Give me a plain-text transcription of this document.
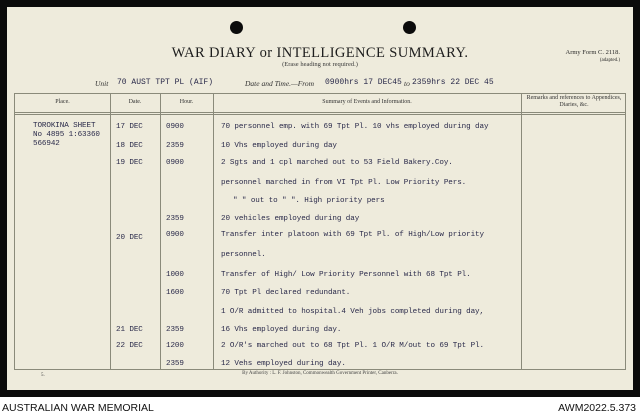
WAR DIARY or INTELLIGENCE SUMMARY.
(Erase heading not required.)
Army Form C. 2118.
(adapted.)
Unit 70 AUST TPT PL (AIF)	Date and Time.—From 0900hrs 17 DEC45 to 2359hrs 22 DEC 45
Place.	Date.	Hour.	Summary of Events and Information.
Remarks and references to Appendices, Diaries, &c.
TOROKINA SHEET
No 4895 1:63360
566942
17 DEC	0900	70 personnel emp. with 69 Tpt Pl. 10 vhs employed during day
18 DEC	2359	10 Vhs employed during day
19 DEC	0900	2 Sgts and 1 cpl marched out to 53 Field Bakery.Coy.
personnel marched in from VI Tpt Pl. Low Priority Pers.
" " out to " ". High priority pers
2359	20 vehicles employed during day
20 DEC	0900	Transfer inter platoon with 69 Tpt Pl. of High/Low priority
personnel.
1000	Transfer of High/ Low Priority Personnel with 68 Tpt Pl.
1600	70 Tpt Pl declared redundant.
1 O/R admitted to hospital.4 Veh jobs completed during day,
21 DEC	2359	16 Vhs employed during day.
22 DEC	1200	2 O/R's marched out to 68 Tpt Pl. 1 O/R M/out to 69 Tpt Pl.
2359	12 Vehs employed during day.
5.	By Authority : L. F. Johnston, Commonwealth Government Printer, Canberra.
AUSTRALIAN WAR MEMORIAL	AWM2022.5.373
